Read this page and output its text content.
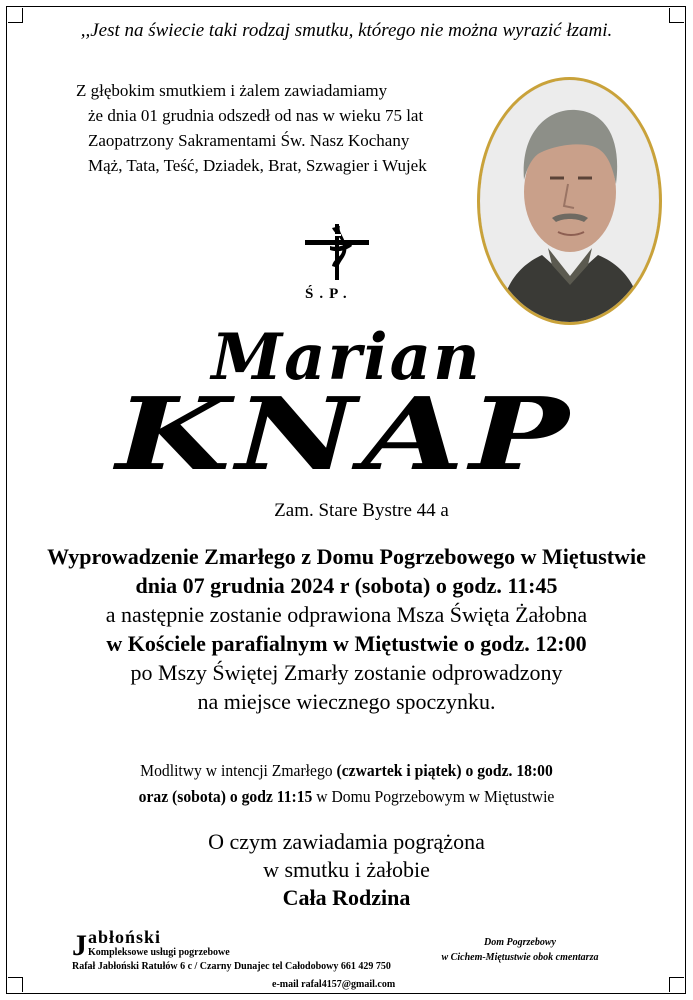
,,Jest na świecie taki rodzaj smutku, którego nie można wyrazić łzami.
Z głębokim smutkiem i żalem zawiadamiamy
że dnia 01 grudnia odszedł od nas w wieku 75 lat
Zaopatrzony Sakramentami Św. Nasz Kochany
Mąż, Tata, Teść, Dziadek, Brat, Szwagier i Wujek
Ś.P.
Marian
KNAP
Zam. Stare Bystre 44 a
Wyprowadzenie Zmarłego z Domu Pogrzebowego w Miętustwie
dnia 07 grudnia 2024 r (sobota) o godz. 11:45
a następnie zostanie odprawiona Msza Święta Żałobna
w Kościele parafialnym w Miętustwie o godz. 12:00
po Mszy Świętej Zmarły zostanie odprowadzony
na miejsce wiecznego spoczynku.
Modlitwy w intencji Zmarłego (czwartek i piątek) o godz. 18:00
oraz (sobota) o godz 11:15 w Domu Pogrzebowym w Miętustwie
O czym zawiadamia pogrążona
w smutku i żałobie
Cała Rodzina
J abłoński
Kompleksowe usługi pogrzebowe
Rafał Jabłoński Ratułów 6 c / Czarny Dunajec tel Całodobowy 661 429 750
e-mail rafal4157@gmail.com
Dom Pogrzebowy
w Cichem-Miętustwie obok cmentarza
